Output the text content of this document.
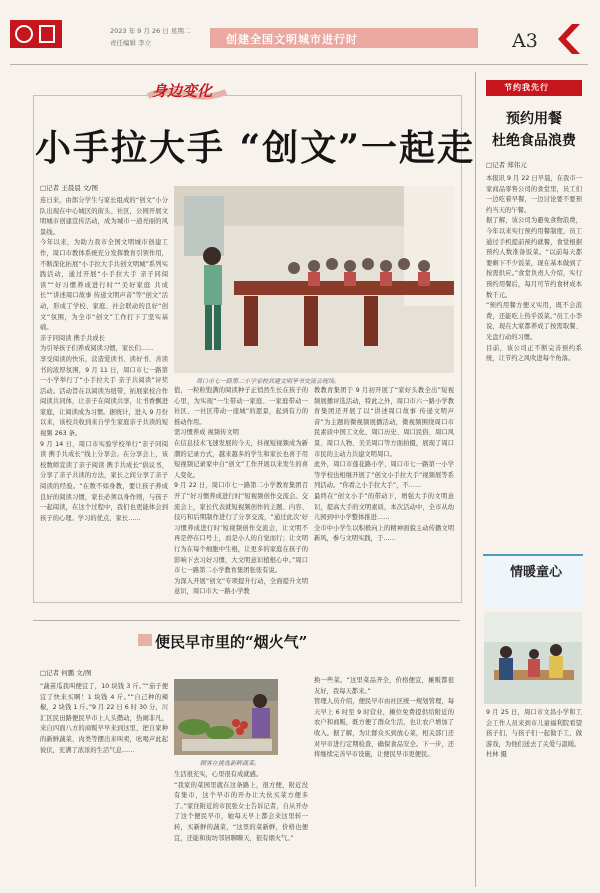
2023 年 9 月 26 日 星期二
责任编辑 李立	创建全国文明城市进行时	A3
身边变化
小手拉大手 “创文”一起走
□记者 王晨晨 文/图
连日来，由郎分学生与家长组成的“创文”小分队出现在中心城区的街头、社区，公园开展文明城市创建宣传活动，成为城市一道亮丽的风景线。
今年以来，为助力我市全国文明城市创建工作，周口市教体系统充分发挥教育引领作用，不断深化拓展“小手拉大手共创文明城”系列实践活动，通过开展“小手拉大手 亲子同阅读”“好习惯养成进行时”“美好家庭 共成长”“讲述周口故事 传递文明声音”等“创文”活动，形成了学校、家庭、社会联动的良好“创文”氛围，为全市“创文”工作打下了坚实基础。
亲子同阅读 携手共成长
为引导孩子们养成阅读习惯，家长们……
享受阅读的快乐，营造爱读书、读好书、善读书的浓厚氛围，9 月 11 日，周口市七一路第一小学举行了“小手拉大手 亲子共阅读”评奖活动。活动旨在以阅读为纽带，拓展家校合作阅读共同体，让亲子在阅读共享，让书香飘进家庭，让阅读成为习惯。据统计，进入 9 月份以来，该校共收到来自学生家庭亲子共读的短视频 263 条。
9 月 14 日，周口市实验学校举行“亲子同阅读 携手共成长”线上分享会。在分享会上，该校数师宣读了亲子阅读 携手共成长“倡议书，分享了亲子共读的方法，家长之间分享了亲子阅读的经验。“在数不如身教，要让孩子养成良好的阅读习惯，家长必须以身作则，与孩子一起阅读，在这个过程中，我们也更能体会到孩子的心理。学习的优点，家长……
周口市七一路第二小学家校共建文明享书交流会现场。
值，一粒粒饱满的阅读种子正悄然生长在孩子的心里，为实现“一生带动一家庭、一家庭带动一社区、一社区带动一座城”的愿景，起到有力的推动作用。
需习惯养成 视频传文明
在信息技术飞速发展的今天，抖视短视频成为新潮的记录方式，越来越多的学生和家长也喜于用短视频记录家中自“创文”工作开展以来发生的喜人变化。
9 月 22 日，周口市七一路第二小学教育集团召开了“好习惯养成进行时”短视频创作交流会。交流会上，家长代表就短视频创作的主题、内容、技巧和后期制作进行了分享交流，“通过此次‘好习惯养成进行时’短视频创作交流会，让文明不再是停在口号上，而是小人的自觉而行；让文明行为在每个细胞中生根，让更多的家庭在孩子的影响下去习好习惯，大文明意识植根心中。”周口市七一路第二小学教育集团张张有说。
为深入开展“创文”专项提升行动，全面提升文明意识，周口市大一路小学教
教教育集团于 9 月初开展了“家好头教全出”短视频展播评选活动，特此之外，周口市六一路小学教育集团还开展了以“讲述周口故事 传递文明声音”为主题的微视频展播活动，微视频围绕周口市民素质中国工文化、周口历史、周口民俗、周口风景、周口人物、美美周口等方面拍摄，展现了周口市民的主动力共建文明周口。
此外，周口市莲花路小学、周口市七一路第一小学等学校也相继开展了“创文小手拉大手”视频展等系列活动。“你看之小手拉大手”，不……
最终在“创文小手”的带动下，增强大手的文明意识，提高大手的文明素质，本次活动中，全市从幼儿园到中小学整体推进……
全市中小学生以积极向上的精神面貌主动传播文明新风，参与文明实践，于……
便民早市里的“烟火气”
□记者 何鹏 文/图
“蔬苗瓜我叫便宜了，10 块钱 3 斤。”“茄子便宜了快来买啊！1 块钱 4 斤。”“自己种的辣椒，2 块钱 1 斤。”9 月 22 日 6 时 30 分，川汇区民田路便民早市上人头攒动，热闹非凡，来自四面八方的商贩早早来到这里，把自家种的新鲜蔬菜、肉类等摆出来叫卖，吆喝声此起彼伏，充满了浓浓的生活气息……
顾客在挑选新鲜蔬菜。
生活很充实，心里很有成就感。
“我家的菜园里就在这条路上，很方便，附近没有集市，这个早市的开办让大伙买菜方便多了。”家住附近的市民张女士告诉记者，自从开办了这个便民早市，她每天早上都会来这里转一转，买新鲜的蔬菜，“这里的菜新鲜，价格也便宜，还能和街坊邻居聊聊天，很有烟火气。”
换一些菜。“这里菜品齐全，价格便宜，摊贩都很友好，我每天都来。”
管理人员介绍，便民早市由社区统一规划管理，每天早上 6 时至 9 时营业，摊位免费提供给附近的农户和商贩，既方便了群众生活，也让农户增加了收入。据了解，为让群众买到放心菜，相关部门还对早市进行定期检查，确保食品安全。下一步，还将继续完善早市设施，让便民早市更便民。
节约我先行
预约用餐
杜绝食品浪费
□记者 郑伟元
本报讯 9 月 22 日早晨，在我市一家商品零售公司的食堂里，员工们一边吃着早餐，一边讨论要不要预约当天的午餐。
据了解，该公司为避免食物浪费，今年以来实行预约用餐制度，员工通过手机提前预约就餐，食堂根据预约人数准备饭菜。“以前每天都要剩下不少饭菜，现在基本做到了按需供应。”食堂负责人介绍，实行预约用餐后，每月可节约食材成本数千元。
“预约用餐方便又实用，既不会浪费，还能吃上热乎饭菜。”员工小李说，现在大家都养成了按需取餐、光盘行动的习惯。
目前，该公司正不断完善预约系统，让节约之风吹进每个角落。
情暖童心
9 月 25 日，周口市文昌小学和工会工作人员来到市儿童福利院看望孩子们，与孩子们一起做手工、做游戏，为他们送去了关爱与温暖。
杜林 摄
